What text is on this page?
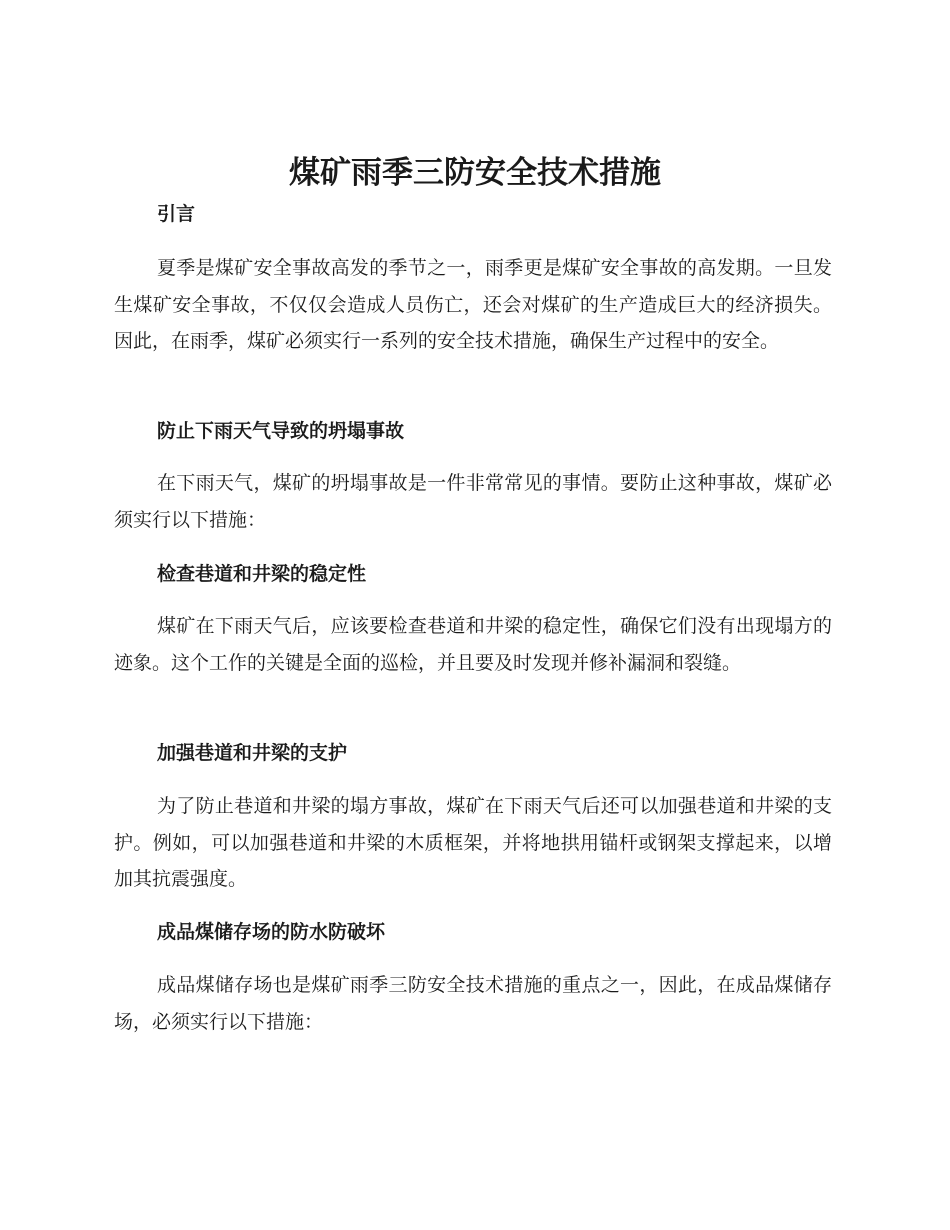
煤矿雨季三防安全技术措施
引言

夏季是煤矿安全事故高发的季节之一，雨季更是煤矿安全事故的高发期。一旦发生煤矿安全事故，不仅仅会造成人员伤亡，还会对煤矿的生产造成巨大的经济损失。因此，在雨季，煤矿必须实行一系列的安全技术措施，确保生产过程中的安全。

防止下雨天气导致的坍塌事故

在下雨天气，煤矿的坍塌事故是一件非常常见的事情。要防止这种事故，煤矿必须实行以下措施：

检查巷道和井梁的稳定性

煤矿在下雨天气后，应该要检查巷道和井梁的稳定性，确保它们没有出现塌方的迹象。这个工作的关键是全面的巡检，并且要及时发现并修补漏洞和裂缝。

加强巷道和井梁的支护

为了防止巷道和井梁的塌方事故，煤矿在下雨天气后还可以加强巷道和井梁的支护。例如，可以加强巷道和井梁的木质框架，并将地拱用锚杆或钢架支撑起来，以增加其抗震强度。

成品煤储存场的防水防破坏

成品煤储存场也是煤矿雨季三防安全技术措施的重点之一，因此，在成品煤储存场，必须实行以下措施：
